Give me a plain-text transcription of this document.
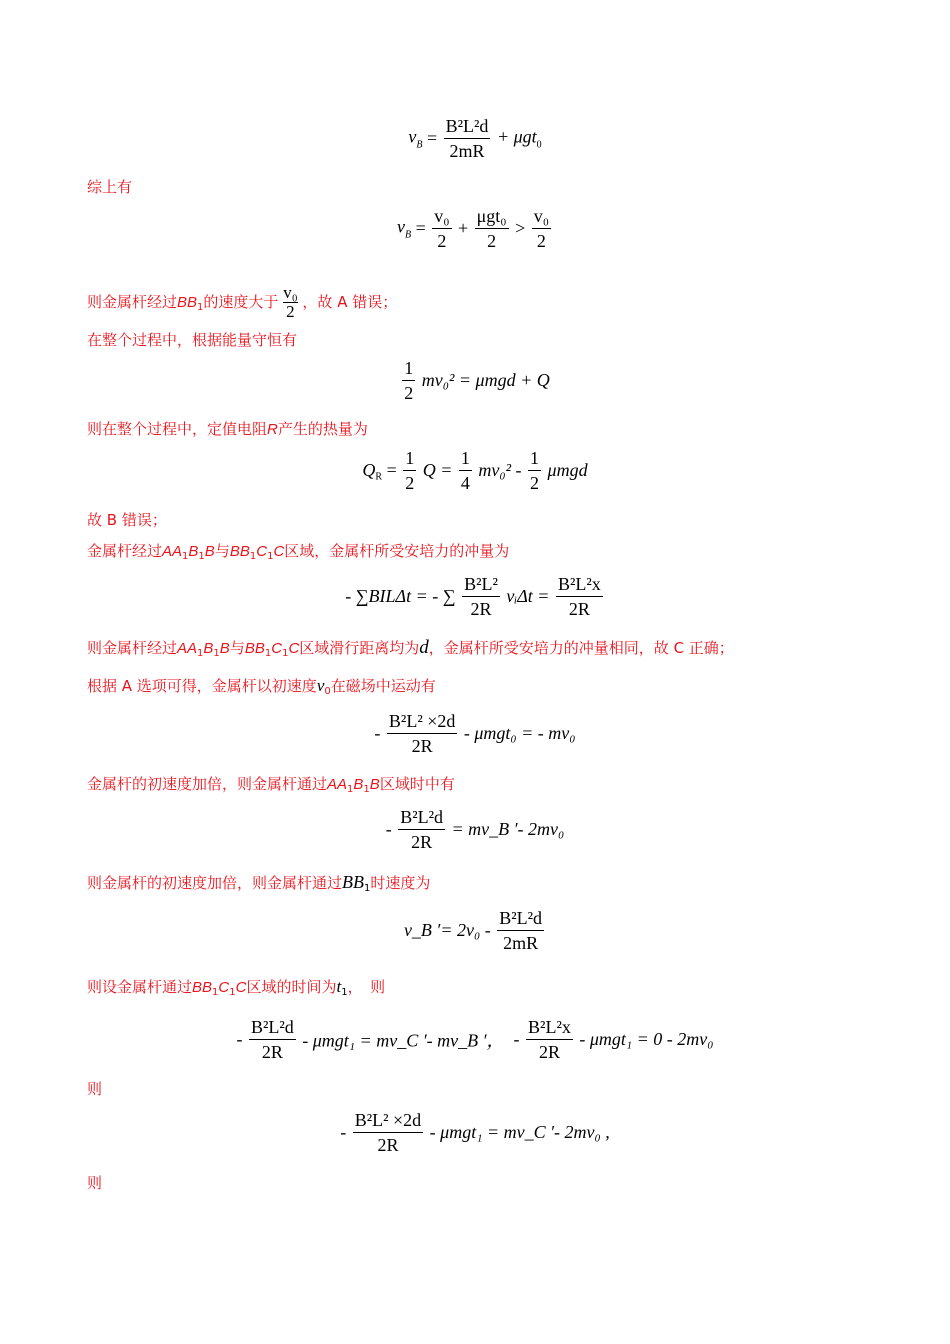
$v_B = \frac{\text{B²L²d}}{2mR} + \mu gt_0$
综上有
$v_B = \frac{\text{v₀}}{2} + \frac{\text{μgt₀}}{2} > \frac{\text{v₀}}{2}$
则金属杆经过$BB_1$的速度大于 $\frac{\text{v₀}}{2}$ ，故 A 错误；
在整个过程中，根据能量守恒有
$\frac{1}{2} mv_0^2 = \mu mgd + Q$
则在整个过程中，定值电阻R产生的热量为
$Q_R = \frac{1}{2}$ $Q = \frac{1}{4} mv_0^2 - \frac{1}{2}$ μmgd
故 B 错误；
金属杆经过$AA_1B_1B$与$BB_1C_1C$区域，金属杆所受安培力的冲量为
- ∑BILΔt = - ∑ $\frac{\text{B²L²}}{2R}$ vᵢΔt = $\frac{\text{B²L²x}}{2R}$
则金属杆经过$AA_1B_1B$与$BB_1C_1C$区域滑行距离均为d，金属杆所受安培力的冲量相同，故 C 正确；
根据 A 选项可得，金属杆以初速度$v_0$在磁场中运动有
- $\frac{\text{B²L² ×2d}}{2R} - \mu mgt_0$ = - mv₀
金属杆的初速度加倍，则金属杆通过$AA_1B_1B$区域时中有
- $\frac{\text{B²L²d}}{2R}$ = mv_B ′- 2mv₀
则金属杆的初速度加倍，则金属杆通过$BB_1$时速度为
v_B ′= $2v_0 - \frac{\text{B²L²d}}{2mR}$
则设金属杆通过$BB_1C_1C$区域的时间为$t_1$，　则
- $\frac{\text{B²L²d}}{2R} - \mu mgt_1$ = mv_C ′- mv_B ′，  - $\frac{\text{B²L²x}}{2R} - \mu mgt_1 = 0 - 2mv_0$
则
- $\frac{\text{B²L² ×2d}}{2R} - \mu mgt_1$ = mv_C ′- 2mv₀ ,
则
